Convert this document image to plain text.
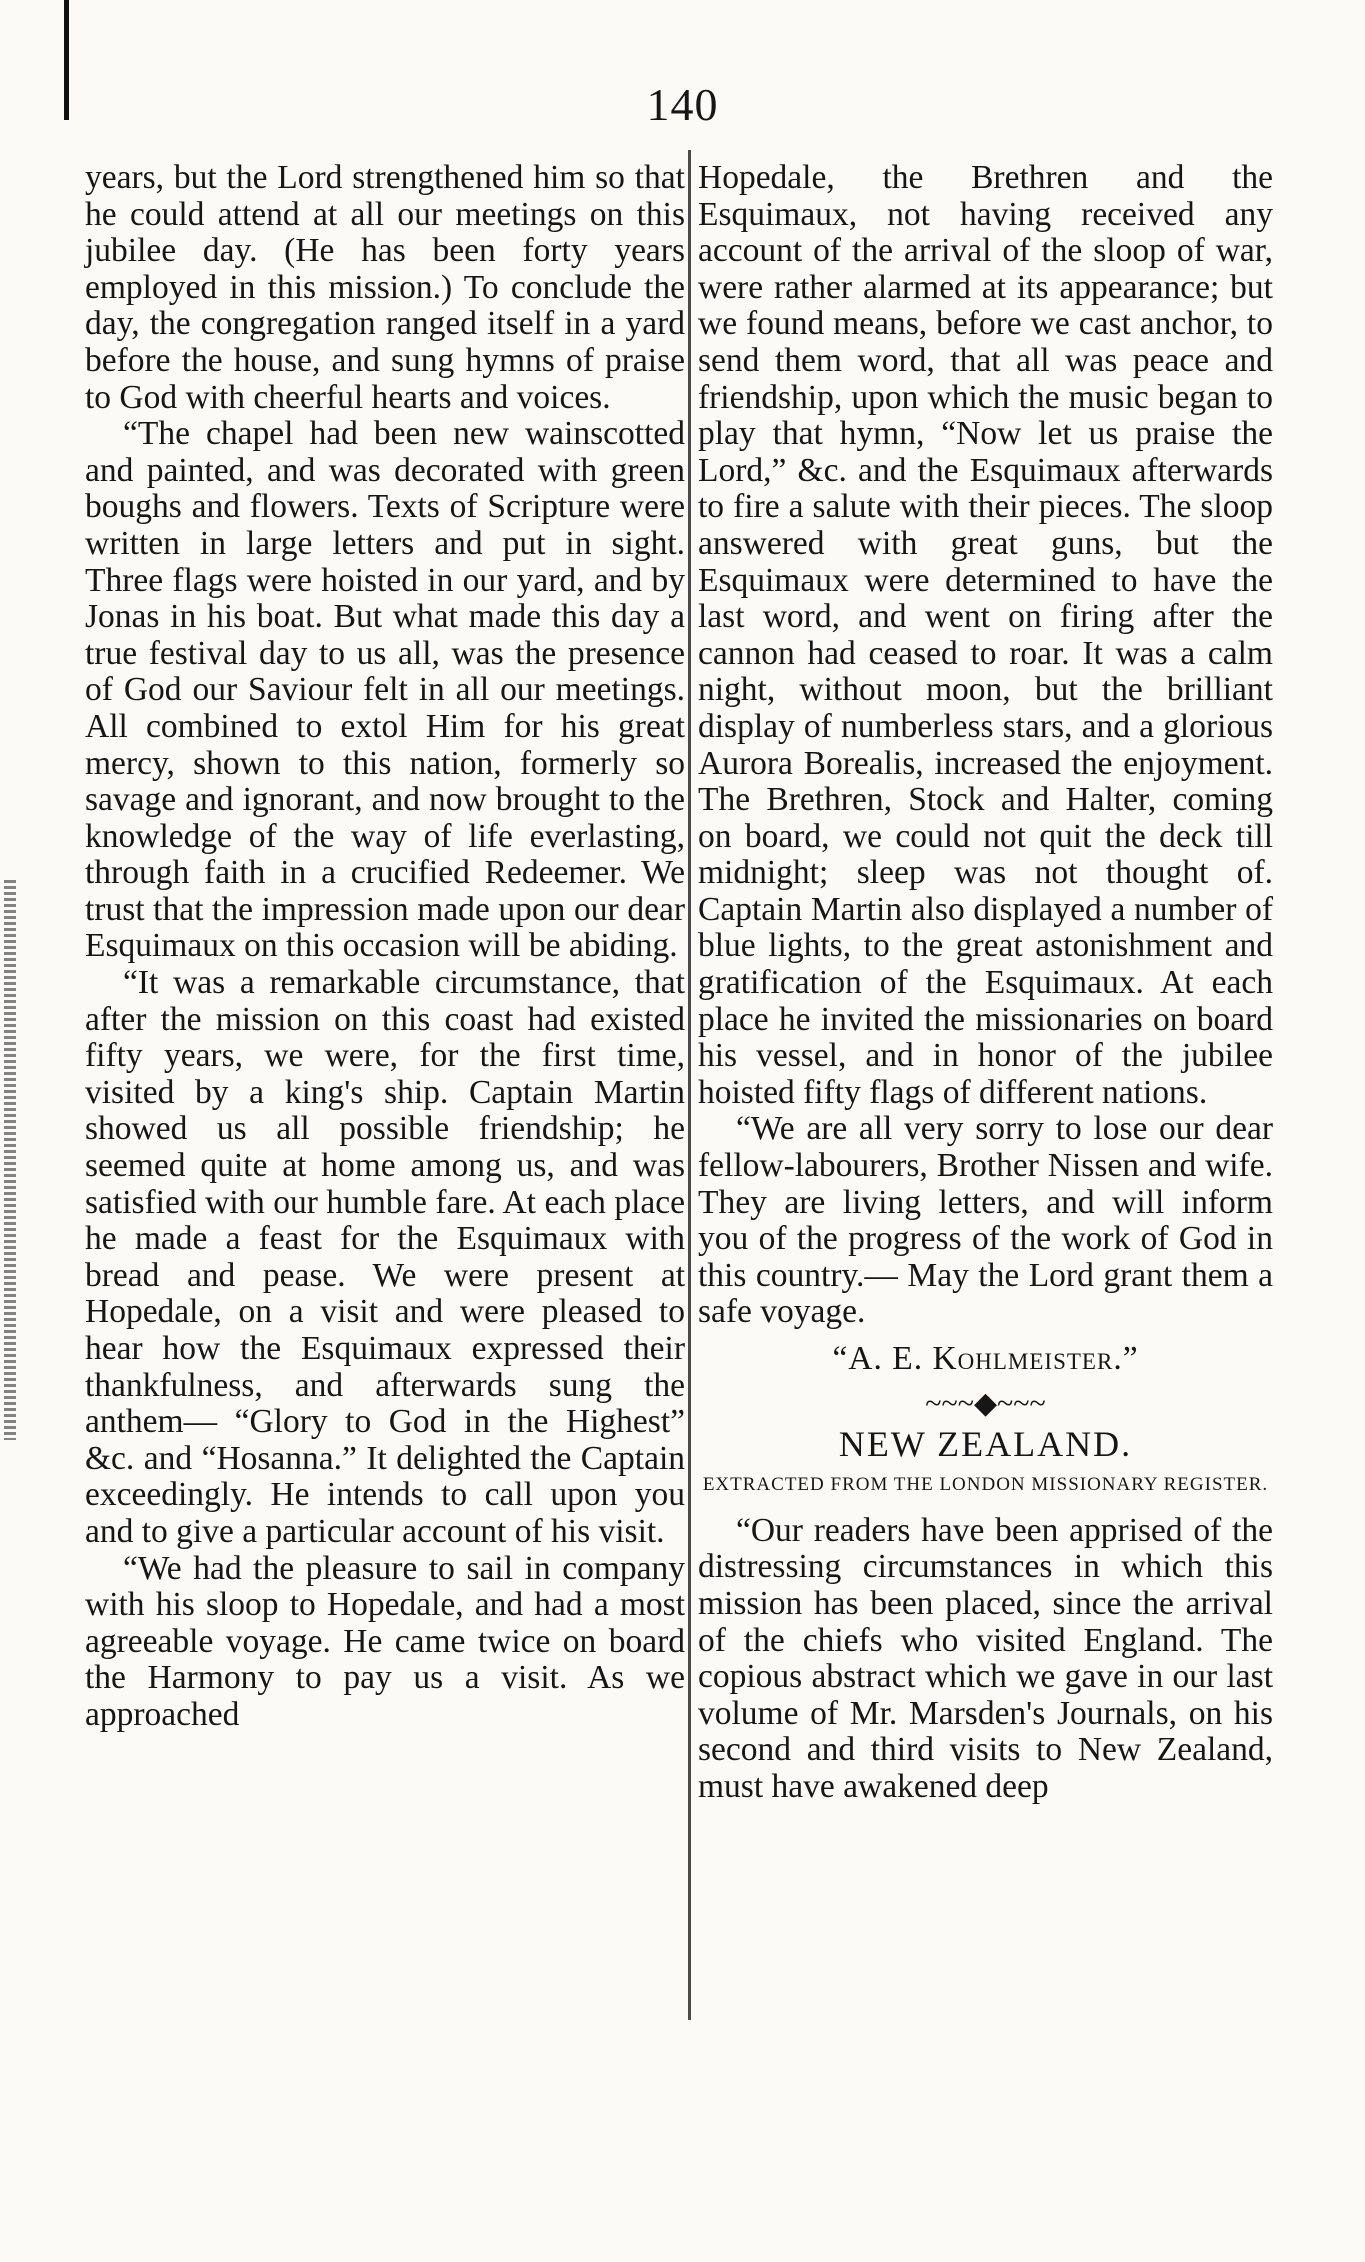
140

years, but the Lord strengthened him so that he could attend at all our meetings on this jubilee day. (He has been forty years employed in this mission.) To conclude the day, the congregation ranged itself in a yard before the house, and sung hymns of praise to God with cheerful hearts and voices.

“The chapel had been new wainscotted and painted, and was decorated with green boughs and flowers. Texts of Scripture were written in large letters and put in sight. Three flags were hoisted in our yard, and by Jonas in his boat. But what made this day a true festival day to us all, was the presence of God our Saviour felt in all our meetings. All combined to extol Him for his great mercy, shown to this nation, formerly so savage and ignorant, and now brought to the knowledge of the way of life everlasting, through faith in a crucified Redeemer. We trust that the impression made upon our dear Esquimaux on this occasion will be abiding.

“It was a remarkable circumstance, that after the mission on this coast had existed fifty years, we were, for the first time, visited by a king's ship. Captain Martin showed us all possible friendship; he seemed quite at home among us, and was satisfied with our humble fare. At each place he made a feast for the Esquimaux with bread and pease. We were present at Hopedale, on a visit and were pleased to hear how the Esquimaux expressed their thankfulness, and afterwards sung the anthem— “Glory to God in the Highest” &c. and “Hosanna.” It delighted the Captain exceedingly. He intends to call upon you and to give a particular account of his visit.

“We had the pleasure to sail in company with his sloop to Hopedale, and had a most agreeable voyage. He came twice on board the Harmony to pay us a visit. As we approached

Hopedale, the Brethren and the Esquimaux, not having received any account of the arrival of the sloop of war, were rather alarmed at its appearance; but we found means, before we cast anchor, to send them word, that all was peace and friendship, upon which the music began to play that hymn, “Now let us praise the Lord,” &c. and the Esquimaux afterwards to fire a salute with their pieces. The sloop answered with great guns, but the Esquimaux were determined to have the last word, and went on firing after the cannon had ceased to roar. It was a calm night, without moon, but the brilliant display of numberless stars, and a glorious Aurora Borealis, increased the enjoyment. The Brethren, Stock and Halter, coming on board, we could not quit the deck till midnight; sleep was not thought of. Captain Martin also displayed a number of blue lights, to the great astonishment and gratification of the Esquimaux. At each place he invited the missionaries on board his vessel, and in honor of the jubilee hoisted fifty flags of different nations.

“We are all very sorry to lose our dear fellow-labourers, Brother Nissen and wife. They are living letters, and will inform you of the progress of the work of God in this country.— May the Lord grant them a safe voyage.

“A. E. Kohlmeister.”

~~~◆~~~

NEW ZEALAND.

EXTRACTED FROM THE LONDON MISSIONARY REGISTER.

“Our readers have been apprised of the distressing circumstances in which this mission has been placed, since the arrival of the chiefs who visited England. The copious abstract which we gave in our last volume of Mr. Marsden's Journals, on his second and third visits to New Zealand, must have awakened deep
